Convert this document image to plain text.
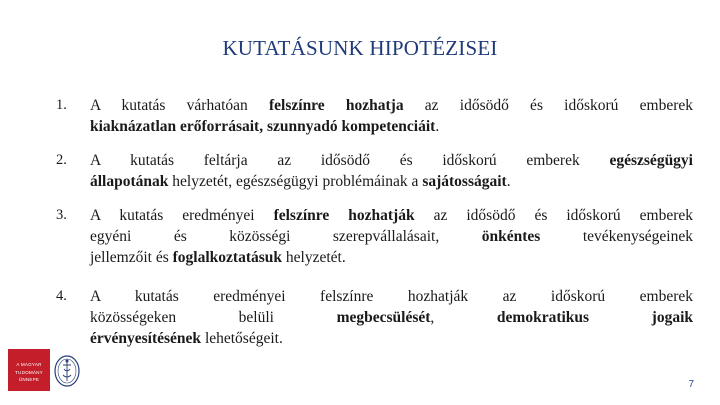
KUTATÁSUNK HIPOTÉZISEI
1.	A kutatás várhatóan felszínre hozhatja az idősödő és időskorú emberek
kiaknázatlan erőforrásait, szunnyadó kompetenciáit.
2.	A kutatás feltárja az idősödő és időskorú emberek egészségügyi
állapotának helyzetét, egészségügyi problémáinak a sajátosságait.
3.	A kutatás eredményei felszínre hozhatják az idősödő és időskorú emberek
egyéni és közösségi szerepvállalásait, önkéntes tevékenységeinek
jellemzőit és foglalkoztatásuk helyzetét.
4.	A kutatás eredményei felszínre hozhatják az időskorú emberek
közösségeken belüli megbecsülését, demokratikus jogaik
érvényesítésének lehetőségeit.
A MAGYAR
TUDOMÁNY
ÜNNEPE	7
